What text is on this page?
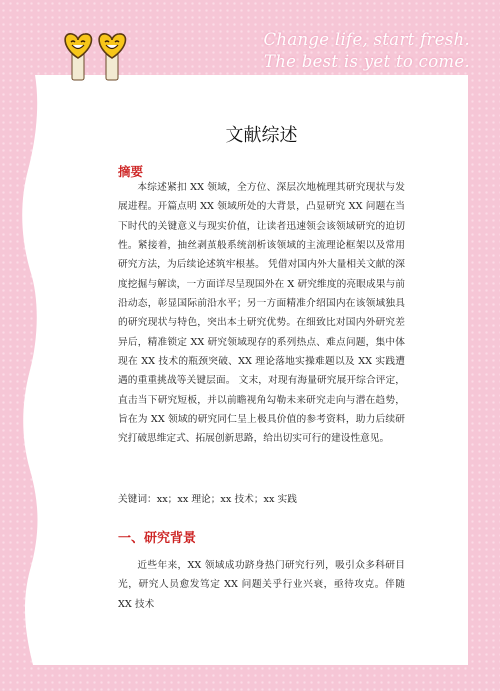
Change life, start fresh.
The best is yet to come.
文献综述
摘要

本综述紧扣 XX 领域，全方位、深层次地梳理其研究现状与发展进程。开篇点明 XX 领域所处的大背景，凸显研究 XX 问题在当下时代的关键意义与现实价值，让读者迅速领会该领域研究的迫切性。紧接着，抽丝剥茧般系统剖析该领域的主流理论框架以及常用研究方法，为后续论述筑牢根基。 凭借对国内外大量相关文献的深度挖掘与解读，一方面详尽呈现国外在 X 研究维度的亮眼成果与前沿动态，彰显国际前沿水平；另一方面精准介绍国内在该领域独具的研究现状与特色，突出本土研究优势。在细致比对国内外研究差异后，精准锁定 XX 研究领域现存的系列热点、难点问题，集中体现在 XX 技术的瓶颈突破、XX 理论落地实操难题以及 XX 实践遭遇的重重挑战等关键层面。 文末，对现有海量研究展开综合评定，直击当下研究短板，并以前瞻视角勾勒未来研究走向与潜在趋势，旨在为 XX 领域的研究同仁呈上极具价值的参考资料，助力后续研究打破思维定式、拓展创新思路，给出切实可行的建设性意见。

关键词：xx；xx 理论；xx 技术；xx 实践
一、研究背景

近些年来，XX 领域成功跻身热门研究行列，吸引众多科研目光，研究人员愈发笃定 XX 问题关乎行业兴衰，亟待攻克。伴随 XX 技术
